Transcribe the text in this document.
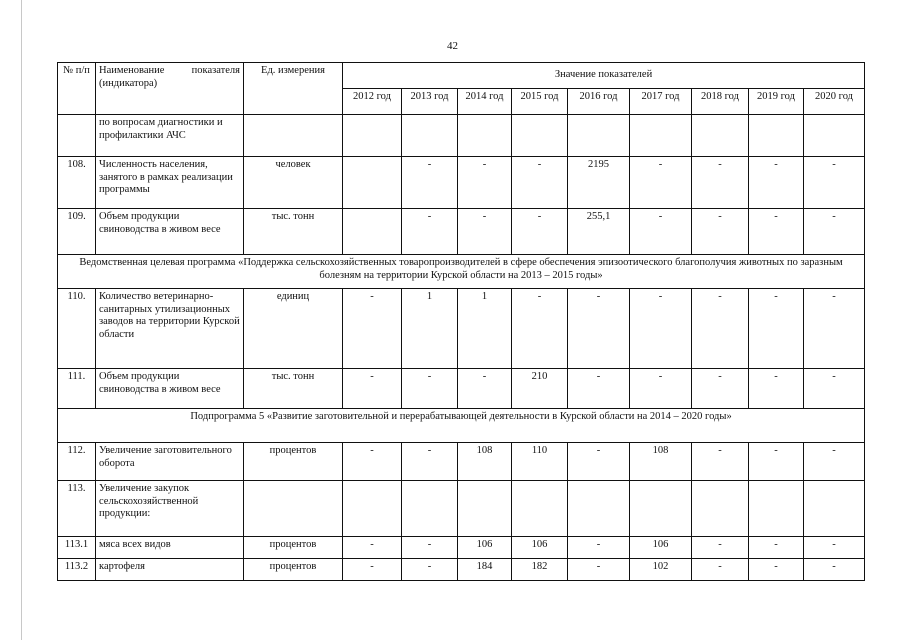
42
№ п/п	Наименование показателя (индикатора)	Ед. измерения	Значение показателей								
			2012 год	2013 год	2014 год	2015 год	2016 год	2017 год	2018 год	2019 год	2020 год
	по вопросам диагностики и профилактики АЧС										
108.	Численность населения, занятого в рамках реализации программы	человек		-	-	-	2195	-	-	-	-
109.	Объем продукции свиноводства в живом весе	тыс. тонн		-	-	-	255,1	-	-	-	-
Ведомственная целевая программа «Поддержка сельскохозяйственных товаропроизводителей в сфере обеспечения эпизоотического благополучия животных по заразным болезням на территории Курской области на 2013 – 2015 годы»											
110.	Количество ветеринарно-санитарных утилизационных заводов на территории Курской области	единиц	-	1	1	-	-	-	-	-	-
111.	Объем продукции свиноводства в живом весе	тыс. тонн	-	-	-	210	-	-	-	-	-
Подпрограмма 5 «Развитие заготовительной и перерабатывающей деятельности в Курской области на 2014 – 2020 годы»											
112.	Увеличение заготовительного оборота	процентов	-	-	108	110	-	108	-	-	-
113.	Увеличение закупок сельскохозяйственной продукции:										
113.1	мяса всех видов	процентов	-	-	106	106	-	106	-	-	-
113.2	картофеля	процентов	-	-	184	182	-	102	-	-	-
